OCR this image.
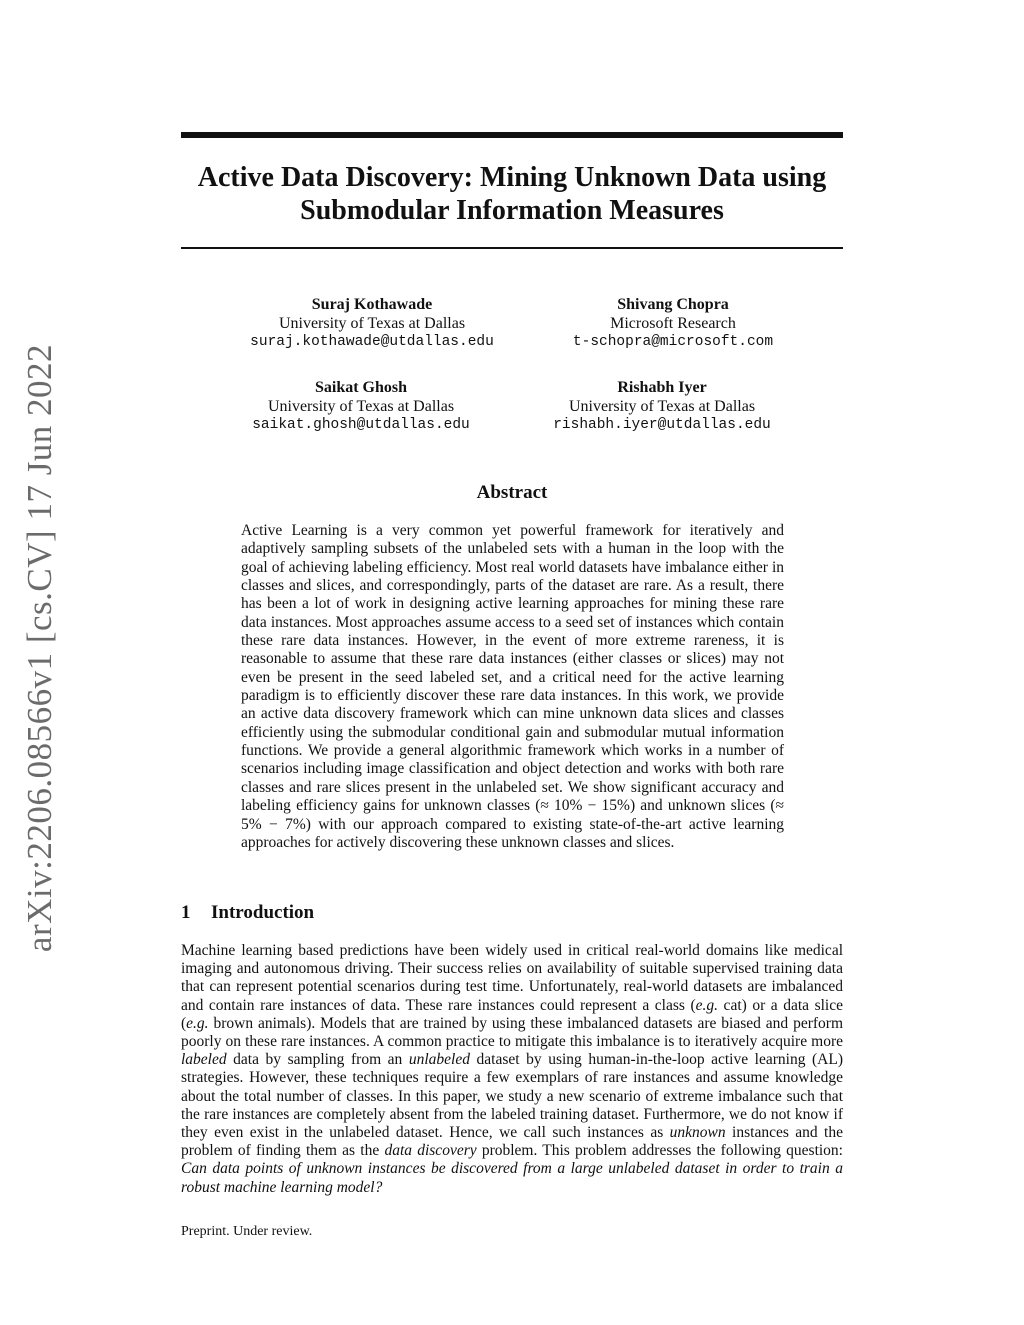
arXiv:2206.08566v1 [cs.CV] 17 Jun 2022
Active Data Discovery: Mining Unknown Data using Submodular Information Measures
Suraj Kothawade
University of Texas at Dallas
suraj.kothawade@utdallas.edu
Shivang Chopra
Microsoft Research
t-schopra@microsoft.com
Saikat Ghosh
University of Texas at Dallas
saikat.ghosh@utdallas.edu
Rishabh Iyer
University of Texas at Dallas
rishabh.iyer@utdallas.edu
Abstract

Active Learning is a very common yet powerful framework for iteratively and adaptively sampling subsets of the unlabeled sets with a human in the loop with the goal of achieving labeling efficiency. Most real world datasets have imbalance either in classes and slices, and correspondingly, parts of the dataset are rare. As a result, there has been a lot of work in designing active learning approaches for mining these rare data instances. Most approaches assume access to a seed set of instances which contain these rare data instances. However, in the event of more extreme rareness, it is reasonable to assume that these rare data instances (either classes or slices) may not even be present in the seed labeled set, and a critical need for the active learning paradigm is to efficiently discover these rare data instances. In this work, we provide an active data discovery framework which can mine unknown data slices and classes efficiently using the submodular conditional gain and submodular mutual information functions. We provide a general algorithmic framework which works in a number of scenarios including image classification and object detection and works with both rare classes and rare slices present in the unlabeled set. We show significant accuracy and labeling efficiency gains for unknown classes (≈ 10% − 15%) and unknown slices (≈ 5% − 7%) with our approach compared to existing state-of-the-art active learning approaches for actively discovering these unknown classes and slices.

1 Introduction

Machine learning based predictions have been widely used in critical real-world domains like medical imaging and autonomous driving. Their success relies on availability of suitable supervised training data that can represent potential scenarios during test time. Unfortunately, real-world datasets are imbalanced and contain rare instances of data. These rare instances could represent a class (e.g. cat) or a data slice (e.g. brown animals). Models that are trained by using these imbalanced datasets are biased and perform poorly on these rare instances. A common practice to mitigate this imbalance is to iteratively acquire more labeled data by sampling from an unlabeled dataset by using human-in-the-loop active learning (AL) strategies. However, these techniques require a few exemplars of rare instances and assume knowledge about the total number of classes. In this paper, we study a new scenario of extreme imbalance such that the rare instances are completely absent from the labeled training dataset. Furthermore, we do not know if they even exist in the unlabeled dataset. Hence, we call such instances as unknown instances and the problem of finding them as the data discovery problem. This problem addresses the following question: Can data points of unknown instances be discovered from a large unlabeled dataset in order to train a robust machine learning model?

Preprint. Under review.
